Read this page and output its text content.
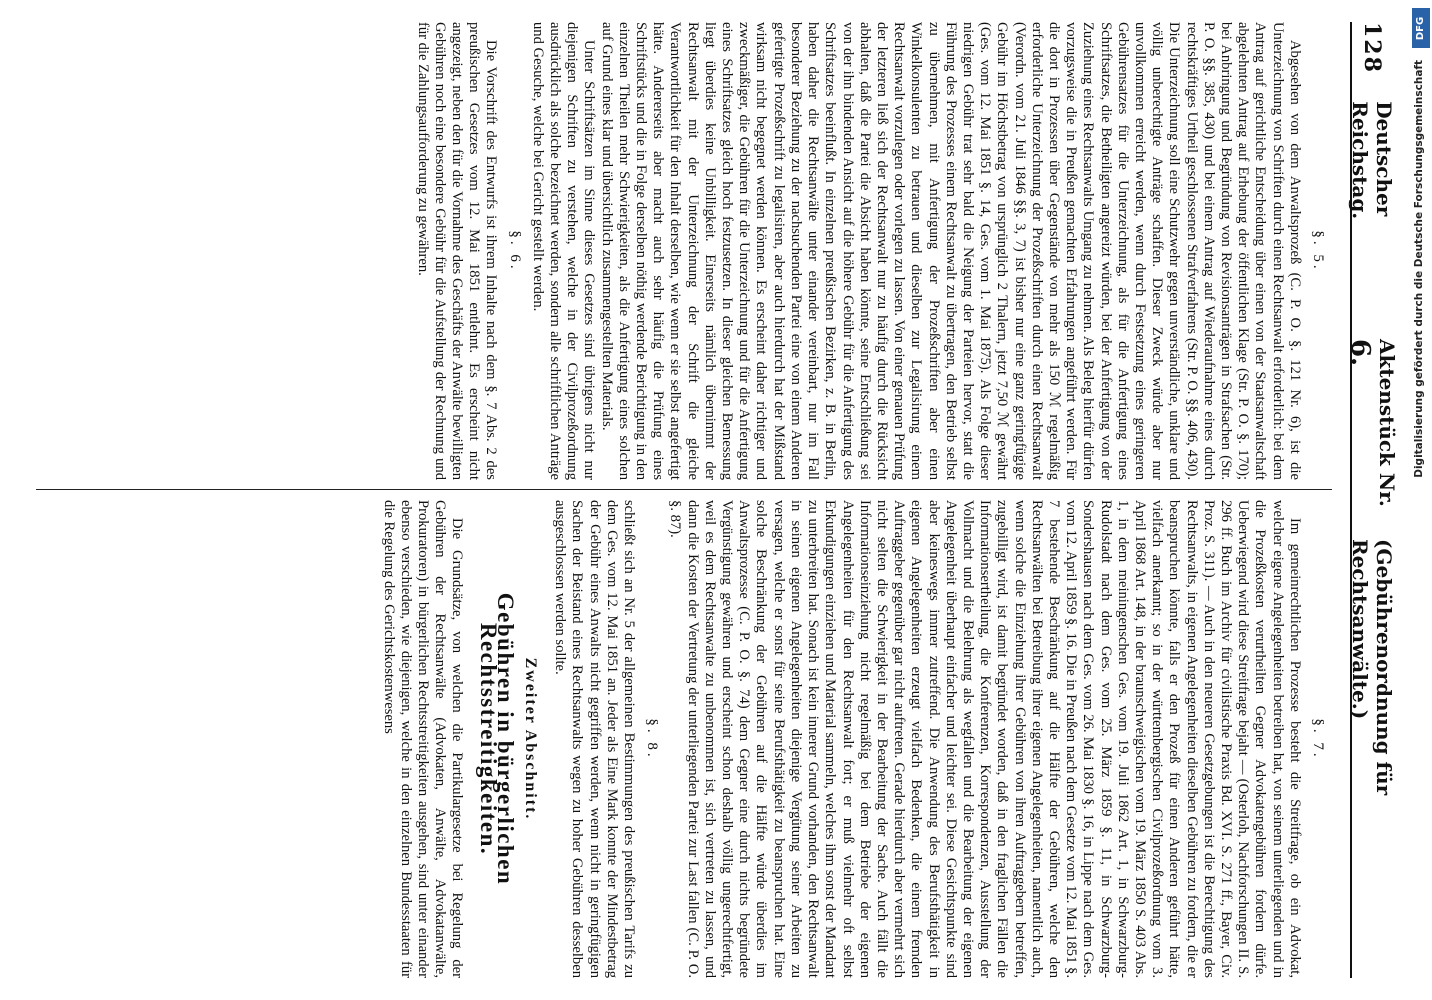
128
Deutscher Reichstag.
Aktenstück Nr. 6.
(Gebührenordnung für Rechtsanwälte.)
§. 5.

Abgesehen von dem Anwaltsprozeß (C. P. O. §. 121 Nr. 6), ist die Unterzeichnung von Schriften durch einen Rechtsanwalt erforderlich: bei dem Antrag auf gerichtliche Entscheidung über einen von der Staatsanwaltschaft abgelehnten Antrag auf Erhebung der öffentlichen Klage (Str. P. O. §. 170); bei Anbringung und Begründung von Revisionsanträgen in Strafsachen (Str. P. O. §§. 385, 430) und bei einem Antrag auf Wiederaufnahme eines durch rechtskräftiges Urtheil geschlossenen Strafverfahrens (Str. P. O. §§. 406, 430). Die Unterzeichnung soll eine Schutzwehr gegen unverständliche, unklare und völlig unberechtigte Anträge schaffen. Dieser Zweck würde aber nur unvollkommen erreicht werden, wenn durch Festsetzung eines geringeren Gebührensatzes für die Unterzeichnung, als für die Anfertigung eines Schriftsatzes, die Betheiligten angereizt würden, bei der Anfertigung von der Zuziehung eines Rechtsanwalts Umgang zu nehmen. Als Beleg hierfür dürfen vorzugsweise die in Preußen gemachten Erfahrungen angeführt werden. Für die dort in Prozessen über Gegenstände von mehr als 150 ℳ regelmäßig erforderliche Unterzeichnung der Prozeßschriften durch einen Rechtsanwalt (Verordn. vom 21. Juli 1846 §§. 3, 7) ist bisher nur eine ganz geringfügige Gebühr im Höchstbetrag von ursprünglich 2 Thalern, jetzt 7,50 ℳ gewährt (Ges. vom 12. Mai 1851 §. 14, Ges. vom 1. Mai 1875). Als Folge dieser niedrigen Gebühr trat sehr bald die Neigung der Parteien hervor, statt die Führung des Prozesses einem Rechtsanwalt zu übertragen, den Betrieb selbst zu übernehmen, mit Anfertigung der Prozeßschriften aber einen Winkelkonsulenten zu betrauen und dieselben zur Legalisirung einem Rechtsanwalt vorzulegen oder vorlegen zu lassen. Von einer genauen Prüfung der letzteren ließ sich der Rechtsanwalt nur zu häufig durch die Rücksicht abhalten, daß die Partei die Absicht haben könnte, seine Entschließung sei von der ihn bindenden Ansicht auf die höhere Gebühr für die Anfertigung des Schriftsatzes beeinflußt. In einzelnen preußischen Bezirken, z. B. in Berlin, haben daher die Rechtsanwälte unter einander vereinbart, nur im Fall besonderer Beziehung zu der nachsuchenden Partei eine von einem Anderen gefertigte Prozeßschrift zu legalisiren, aber auch hierdurch hat der Mißstand wirksam nicht begegnet werden können. Es erscheint daher richtiger und zweckmäßiger, die Gebühren für die Unterzeichnung und für die Anfertigung eines Schriftsatzes gleich hoch festzusetzen. In dieser gleichen Bemessung liegt überdies keine Unbilligkeit. Einerseits nämlich übernimmt der Rechtsanwalt mit der Unterzeichnung der Schrift die gleiche Verantwortlichkeit für den Inhalt derselben, wie wenn er sie selbst angefertigt hätte. Andererseits aber macht auch sehr häufig die Prüfung eines Schriftstücks und die in Folge derselben nöthig werdende Berichtigung in den einzelnen Theilen mehr Schwierigkeiten, als die Anfertigung eines solchen auf Grund eines klar und übersichtlich zusammengestellten Materials.

Unter Schriftsätzen im Sinne dieses Gesetzes sind übrigens nicht nur diejenigen Schriften zu verstehen, welche in der Civilprozeßordnung ausdrücklich als solche bezeichnet werden, sondern alle schriftlichen Anträge und Gesuche, welche bei Gericht gestellt werden.

§. 6.

Die Vorschrift des Entwurfs ist ihrem Inhalte nach dem §. 7 Abs. 2 des preußischen Gesetzes vom 12. Mai 1851 entlehnt. Es erscheint nicht angezeigt, neben den für die Vornahme des Geschäfts der Anwälte bewilligten Gebühren noch eine besondere Gebühr für die Aufstellung der Rechnung und für die Zahlungsaufforderung zu gewähren.

§. 7.

Im gemeinrechtlichen Prozesse besteht die Streitfrage, ob ein Advokat, welcher eigene Angelegenheiten betreiben hat, von seinem unterliegenden und in die Prozeßkosten verurtheilten Gegner Advokatengebühren fordern dürfe. Ueberwiegend wird diese Streitfrage bejaht — (Osterloh, Nachforschungen II. S. 296 ff. Buch im Archiv für civilistische Praxis Bd. XVI. S. 271 ff., Bayer, Civ. Proz. S. 311). — Auch in den neueren Gesetzgebungen ist die Berechtigung des Rechtsanwalts, in eigenen Angelegenheiten dieselben Gebühren zu fordern, die er beanspruchen könnte, falls er den Prozeß für einen Anderen geführt hätte, vielfach anerkannt; so in der württembergischen Civilprozeßordnung vom 3. April 1868 Art. 148, in der braunschweigischen vom 19. März 1850 S. 403 Abs. 1, in dem meiningenschen Ges. vom 19. Juli 1862 Art. 1, in Schwarzburg-Rudolstadt nach dem Ges. vom 25. März 1859 §. 11, in Schwarzburg-Sondershausen nach dem Ges. vom 26. Mai 1830 §. 16, in Lippe nach dem Ges. vom 12. April 1859 §. 16. Die in Preußen nach dem Gesetze vom 12. Mai 1851 §. 7 bestehende Beschränkung auf die Hälfte der Gebühren, welche den Rechtsanwälten bei Betreibung ihrer eigenen Angelegenheiten, namentlich auch, wenn solche die Einziehung ihrer Gebühren von ihren Auftraggebern betreffen, zugebilligt wird, ist damit begründet worden, daß in den fraglichen Fällen die Informationsertheilung, die Konferenzen, Korrespondenzen, Ausstellung der Vollmacht und die Belehrung als wegfallen und die Bearbeitung der eigenen Angelegenheit überhaupt einfacher und leichter sei. Diese Gesichtspunkte sind aber keineswegs immer zutreffend. Die Anwendung des Berufsthätigkeit in eigenen Angelegenheiten erzeugt vielfach Bedenken, die einem fremden Auftraggeber gegenüber gar nicht auftreten. Gerade hierdurch aber vermehrt sich nicht selten die Schwierigkeit in der Bearbeitung der Sache. Auch fällt die Informationseinziehung nicht regelmäßig bei dem Betriebe der eigenen Angelegenheiten für den Rechtsanwalt fort; er muß vielmehr oft selbst Erkundigungen einziehen und Material sammeln, welches ihm sonst der Mandant zu unterbreiten hat. Sonach ist kein innerer Grund vorhanden, den Rechtsanwalt in seinen eigenen Angelegenheiten diejenige Vergütung seiner Arbeiten zu versagen, welche er sonst für seine Berufsthätigkeit zu beanspruchen hat. Eine solche Beschränkung der Gebühren auf die Hälfte würde überdies im Anwaltsprozesse (C. P. O. §. 74) dem Gegner eine durch nichts begründete Vergünstigung gewähren und erscheint schon deshalb völlig ungerechtfertigt, weil es dem Rechtsanwalte zu unbenommen ist, sich vertreten zu lassen, und dann die Kosten der Vertretung der unterliegenden Partei zur Last fallen (C. P. O. §. 87).

§. 8.

schließt sich an Nr. 5 der allgemeinen Bestimmungen des preußischen Tarifs zu dem Ges. vom 12. Mai 1851 an. Jeder als Eine Mark konnte der Mindestbetrag der Gebühr eines Anwalts nicht gegriffen werden, wenn nicht in geringfügigen Sachen der Beistand eines Rechtsanwalts wegen zu hoher Gebühren desselben ausgeschlossen werden sollte.

Zweiter Abschnitt.
Gebühren in bürgerlichen Rechtsstreitigkeiten.

Die Grundsätze, von welchen die Partikulargesetze bei Regelung der Gebühren der Rechtsanwälte (Advokaten, Anwälte, Advokatanwälte, Prokuratoren) in bürgerlichen Rechtsstreitigkeiten ausgehen, sind unter einander ebenso verschieden, wie diejenigen, welche in den einzelnen Bundesstaaten für die Regelung des Gerichtskostenwesens

DFG
Digitalisierung gefördert durch die Deutsche Forschungsgemeinschaft
